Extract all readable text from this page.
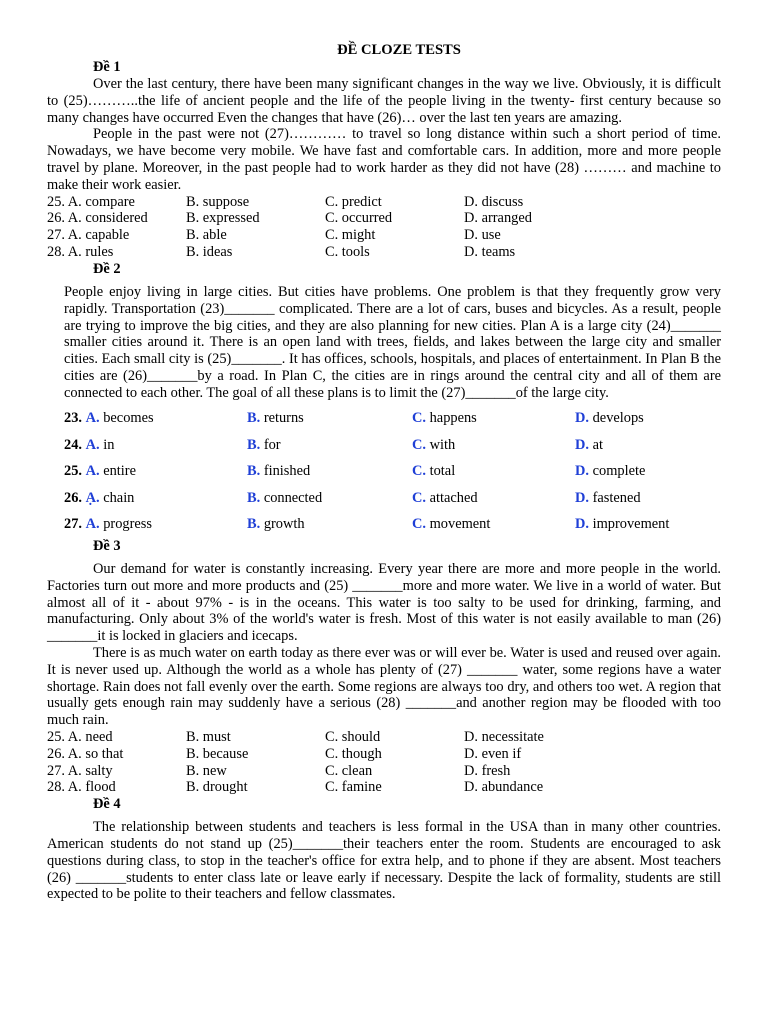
ĐỀ CLOZE TESTS
Đề 1

Over the last century, there have been many significant changes in the way we live. Obviously, it is difficult to (25)………..the life of ancient people and the life of the people living in the twenty- first century because so many changes have occurred Even the changes that have (26)… over the last ten years are amazing.

People in the past were not (27)………… to travel so long distance within such a short period of time. Nowadays, we have become very mobile. We have fast and comfortable cars. In addition, more and more people travel by plane. Moreover, in the past people had to work harder as they did not have (28) ……… and machine to make their work easier.

25. A. compare	B. suppose	C. predict	D. discuss
26. A. considered	B. expressed	C. occurred	D. arranged
27. A. capable	B. able	C. might	D. use
28. A. rules	B. ideas	C. tools	D. teams
Đề 2

People enjoy living in large cities. But cities have problems. One problem is that they frequently grow very rapidly. Transportation (23)_______ complicated. There are a lot of cars, buses and bicycles. As a result, people are trying to improve the big cities, and they are also planning for new cities. Plan A is a large city (24)_______ smaller cities around it. There is an open land with trees, fields, and lakes between the large city and smaller cities. Each small city is (25)_______. It has offices, schools, hospitals, and places of entertainment. In Plan B the cities are (26)_______by a road. In Plan C, the cities are in rings around the central city and all of them are connected to each other. The goal of all these plans is to limit the (27)_______of the large city.

23. A. becomes	B. returns	C. happens	D. develops
24. A. in	B. for	C. with	D. at
25. A. entire	B. finished	C. total	D. complete
26. Ạ. chain	B. connected	C. attached	D. fastened
27. A. progress	B. growth	C. movement	D. improvement
Đề 3

Our demand for water is constantly increasing. Every year there are more and more people in the world. Factories turn out more and more products and (25) _______more and more water. We live in a world of water. But almost all of it - about 97% - is in the oceans. This water is too salty to be used for drinking, farming, and manufacturing. Only about 3% of the world's water is fresh. Most of this water is not easily available to man (26) _______it is locked in glaciers and icecaps.

There is as much water on earth today as there ever was or will ever be. Water is used and reused over again. It is never used up. Although the world as a whole has plenty of (27) _______ water, some regions have a water shortage. Rain does not fall evenly over the earth. Some regions are always too dry, and others too wet. A region that usually gets enough rain may suddenly have a serious (28) _______and another region may be flooded with too much rain.

25. A. need	B. must	C. should	D. necessitate
26. A. so that	B. because	C. though	D. even if
27. A. salty	B. new	C. clean	D. fresh
28. A. flood	B. drought	C. famine	D. abundance
Đề 4

The relationship between students and teachers is less formal in the USA than in many other countries. American students do not stand up (25)_______their teachers enter the room. Students are encouraged to ask questions during class, to stop in the teacher's office for extra help, and to phone if they are absent. Most teachers (26) _______students to enter class late or leave early if necessary. Despite the lack of formality, students are still expected to be polite to their teachers and fellow classmates.
